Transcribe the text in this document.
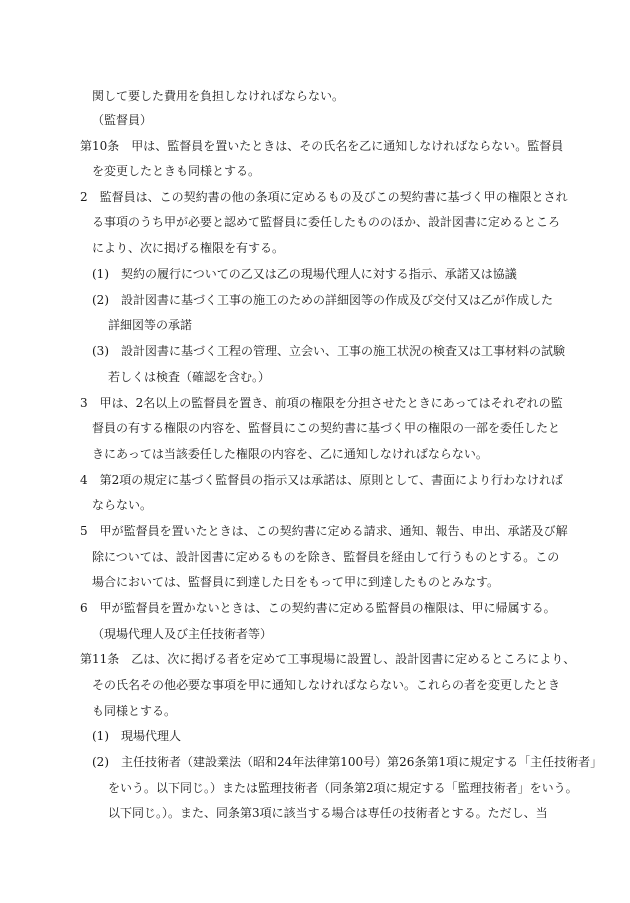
関して要した費用を負担しなければならない。
（監督員）
第10条　甲は、監督員を置いたときは、その氏名を乙に通知しなければならない。監督員
を変更したときも同様とする。
2　監督員は、この契約書の他の条項に定めるもの及びこの契約書に基づく甲の権限とされ
る事項のうち甲が必要と認めて監督員に委任したもののほか、設計図書に定めるところ
により、次に掲げる権限を有する。
(1)　契約の履行についての乙又は乙の現場代理人に対する指示、承諾又は協議
(2)　設計図書に基づく工事の施工のための詳細図等の作成及び交付又は乙が作成した
詳細図等の承諾
(3)　設計図書に基づく工程の管理、立会い、工事の施工状況の検査又は工事材料の試験
若しくは検査（確認を含む。）
3　甲は、2名以上の監督員を置き、前項の権限を分担させたときにあってはそれぞれの監
督員の有する権限の内容を、監督員にこの契約書に基づく甲の権限の一部を委任したと
きにあっては当該委任した権限の内容を、乙に通知しなければならない。
4　第2項の規定に基づく監督員の指示又は承諾は、原則として、書面により行わなければ
ならない。
5　甲が監督員を置いたときは、この契約書に定める請求、通知、報告、申出、承諾及び解
除については、設計図書に定めるものを除き、監督員を経由して行うものとする。この
場合においては、監督員に到達した日をもって甲に到達したものとみなす。
6　甲が監督員を置かないときは、この契約書に定める監督員の権限は、甲に帰属する。
（現場代理人及び主任技術者等）
第11条　乙は、次に掲げる者を定めて工事現場に設置し、設計図書に定めるところにより、
その氏名その他必要な事項を甲に通知しなければならない。これらの者を変更したとき
も同様とする。
(1)　現場代理人
(2)　主任技術者（建設業法（昭和24年法律第100号）第26条第1項に規定する「主任技術者」
をいう。以下同じ。）または監理技術者（同条第2項に規定する「監理技術者」をいう。
以下同じ。）。また、同条第3項に該当する場合は専任の技術者とする。ただし、当
